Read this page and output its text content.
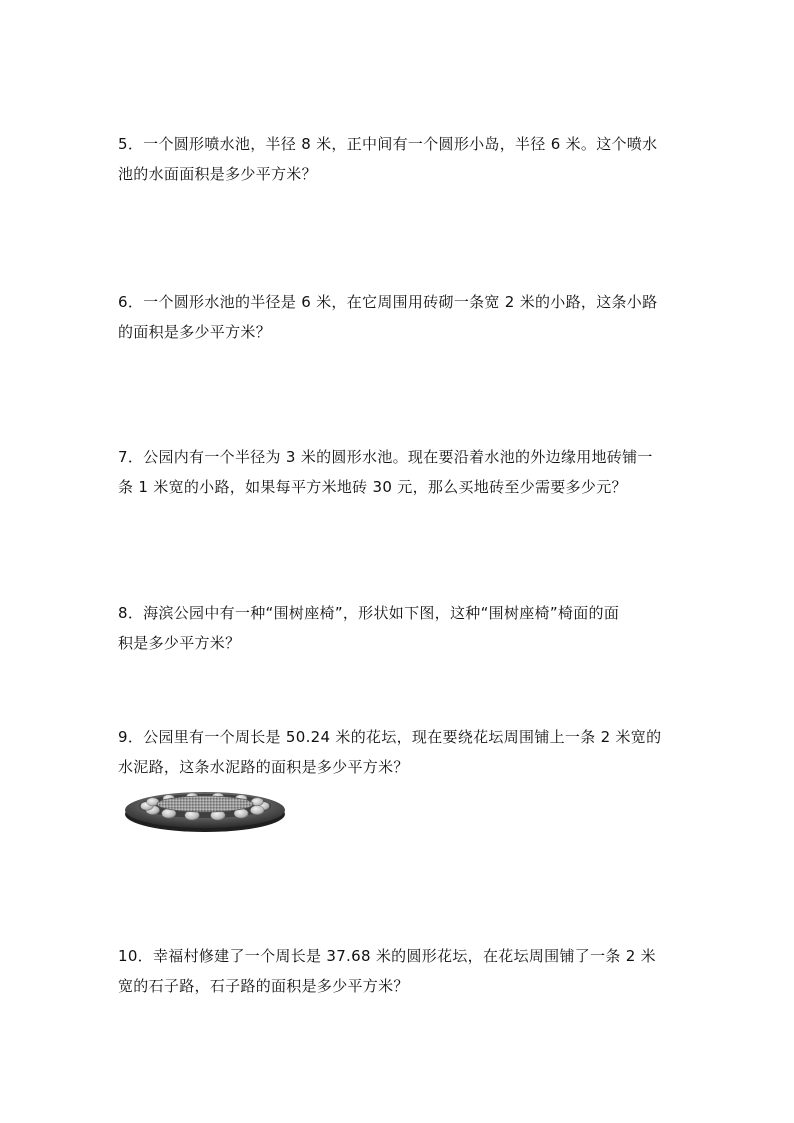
5．一个圆形喷水池，半径 8 米，正中间有一个圆形小岛，半径 6 米。这个喷水

池的水面面积是多少平方米？

6．一个圆形水池的半径是 6 米，在它周围用砖砌一条宽 2 米的小路，这条小路

的面积是多少平方米？

7．公园内有一个半径为 3 米的圆形水池。现在要沿着水池的外边缘用地砖铺一

条 1 米宽的小路，如果每平方米地砖 30 元，那么买地砖至少需要多少元？

8．海滨公园中有一种“围树座椅”，形状如下图，这种“围树座椅”椅面的面

积是多少平方米？

9．公园里有一个周长是 50.24 米的花坛，现在要绕花坛周围铺上一条 2 米宽的

水泥路，这条水泥路的面积是多少平方米？

10．幸福村修建了一个周长是 37.68 米的圆形花坛，在花坛周围铺了一条 2 米

宽的石子路，石子路的面积是多少平方米？
